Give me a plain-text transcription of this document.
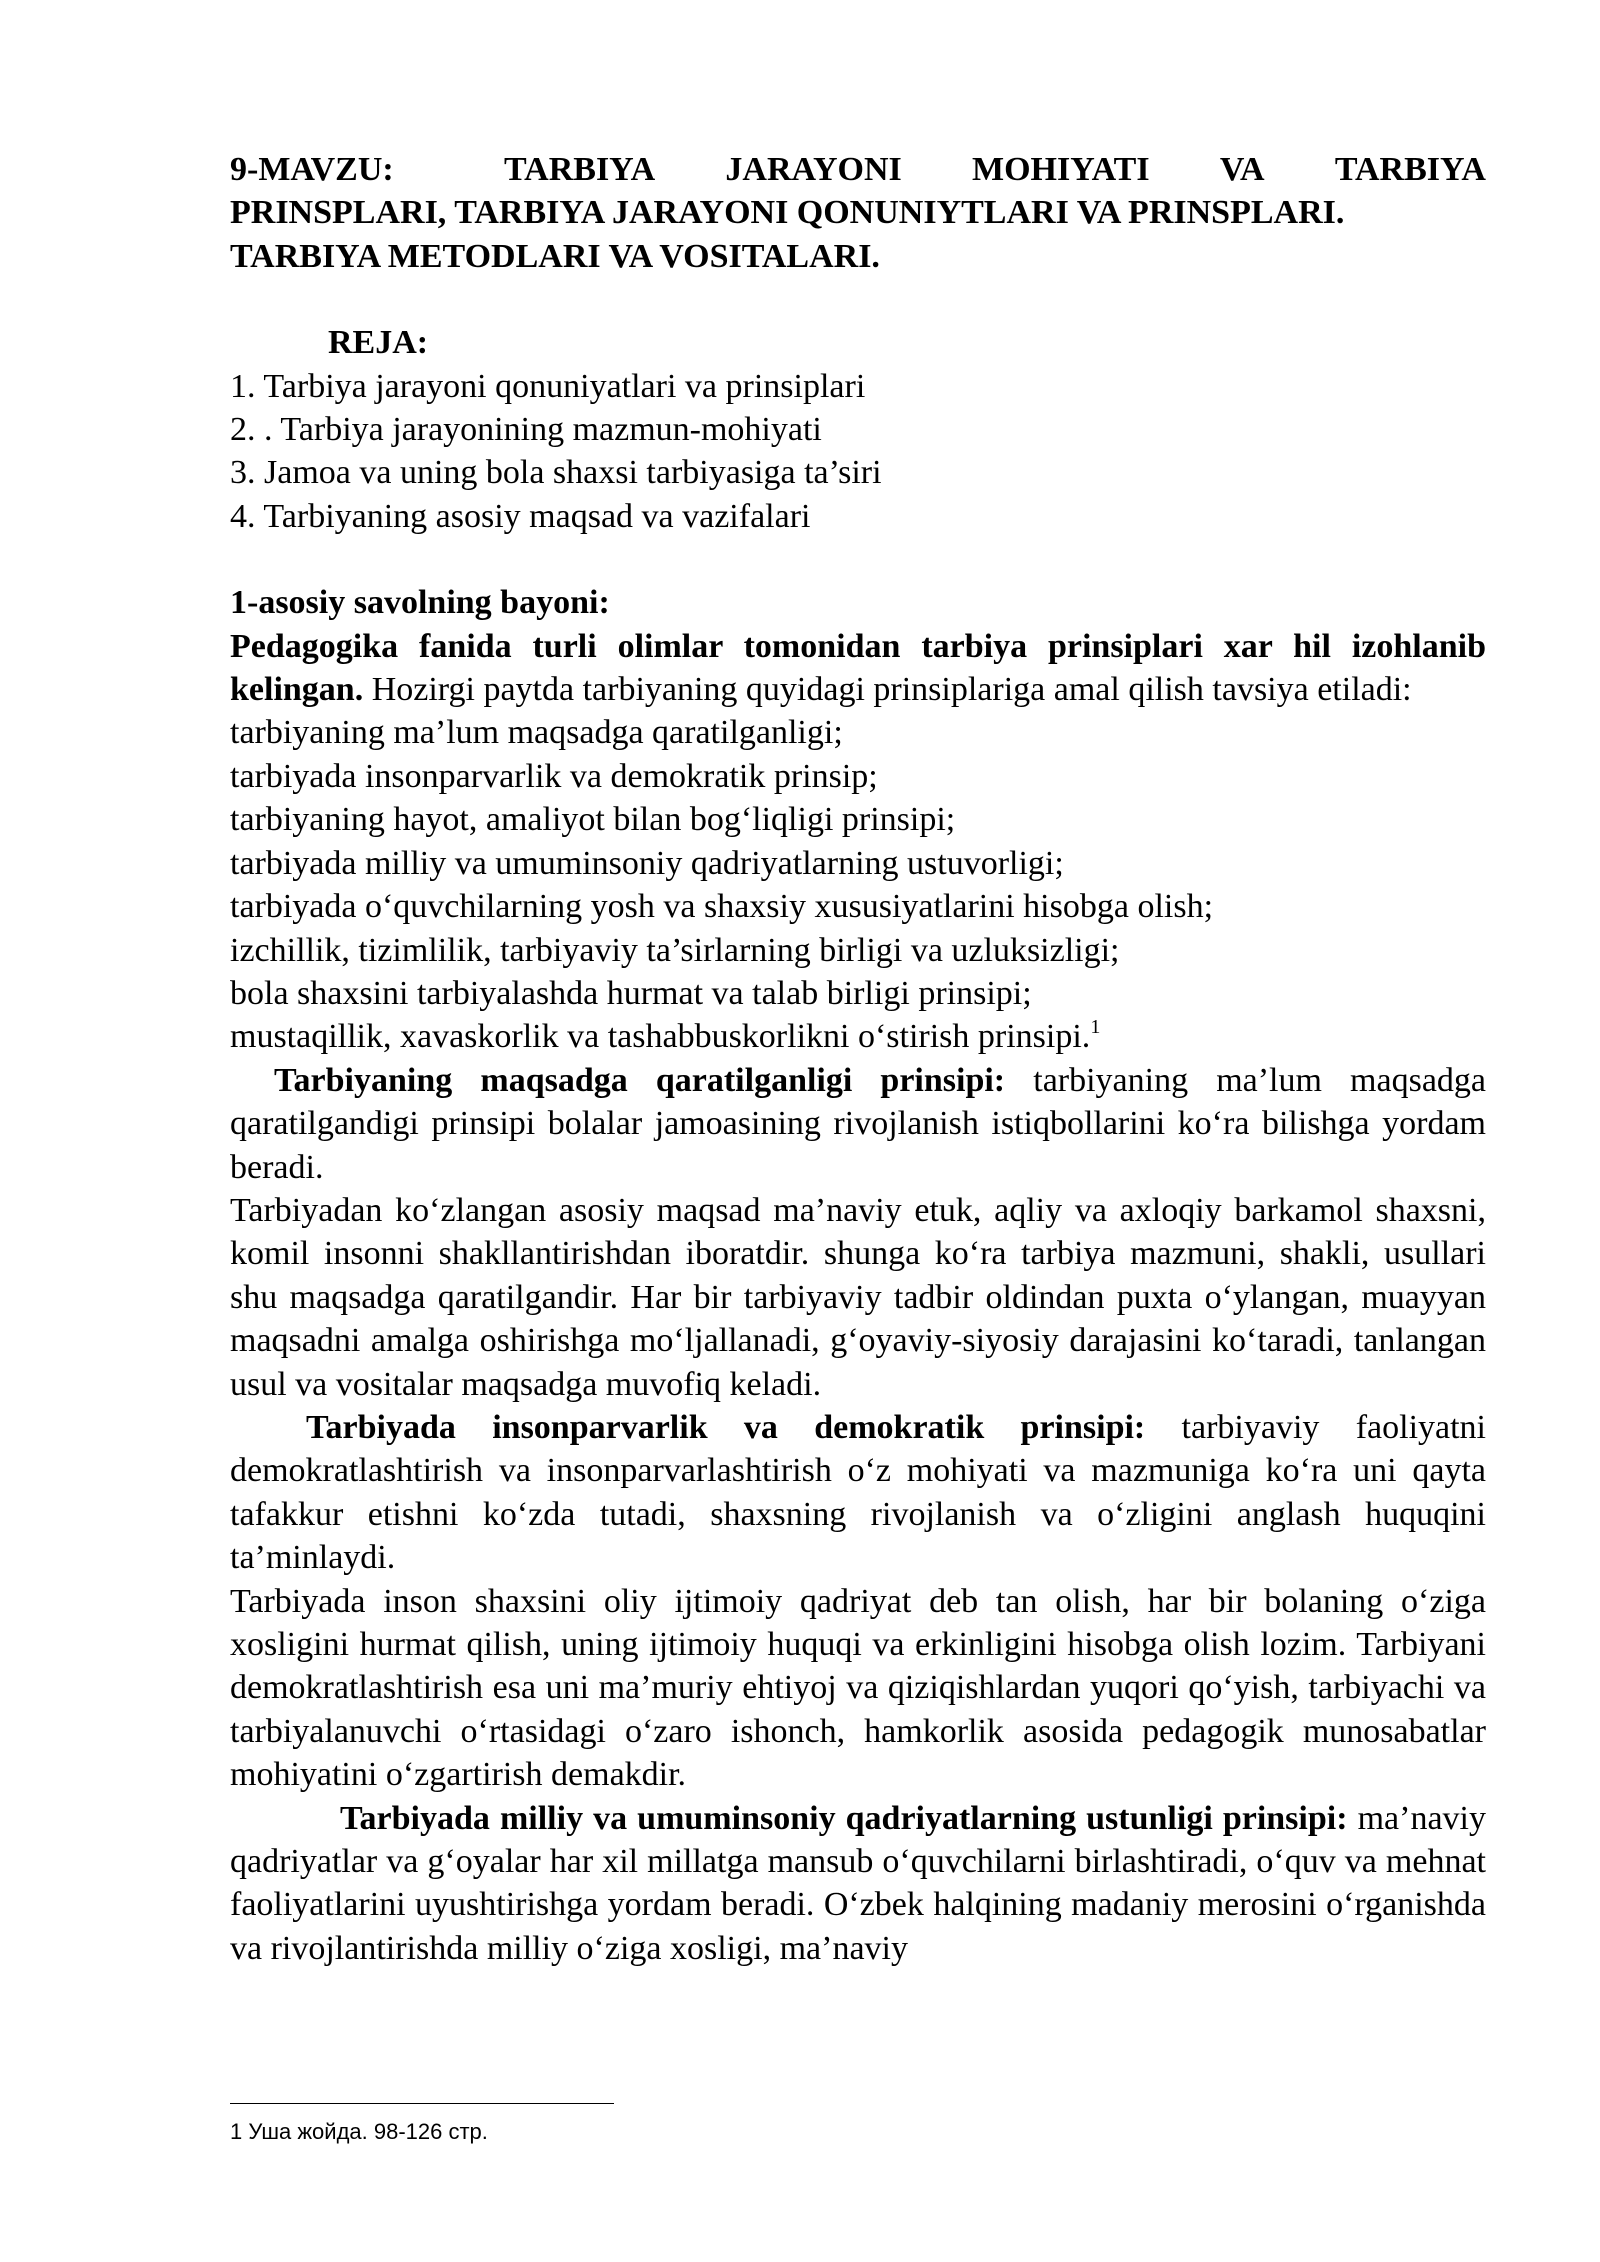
9-MAVZU:	TARBIYA JARAYONI MOHIYATI VA TARBIYA
PRINSPLARI, TARBIYA JARAYONI QONUNIYTLARI VA PRINSPLARI.
TARBIYA METODLARI VA VOSITALARI.
REJA:
1. Tarbiya jarayoni qonuniyatlari va prinsiplari
2. . Tarbiya jarayonining mazmun-mohiyati
3. Jamoa va uning bola shaxsi tarbiyasiga ta’siri
4. Tarbiyaning asosiy maqsad va vazifalari
1-asosiy savolning bayoni:

Pedagogika fanida turli olimlar tomonidan tarbiya prinsiplari xar hil izohlanib kelingan. Hozirgi paytda tarbiyaning quyidagi prinsiplariga amal qilish tavsiya etiladi:

tarbiyaning ma’lum maqsadga qaratilganligi;
tarbiyada insonparvarlik va demokratik prinsip;
tarbiyaning hayot, amaliyot bilan bog‘liqligi prinsipi;
tarbiyada milliy va umuminsoniy qadriyatlarning ustuvorligi;
tarbiyada o‘quvchilarning yosh va shaxsiy xususiyatlarini hisobga olish;
izchillik, tizimlilik, tarbiyaviy ta’sirlarning birligi va uzluksizligi;
bola shaxsini tarbiyalashda hurmat va talab birligi prinsipi;
mustaqillik, xavaskorlik va tashabbuskorlikni o‘stirish prinsipi.$^1$

Tarbiyaning maqsadga qaratilganligi prinsipi: tarbiyaning ma’lum maqsadga qaratilgandigi prinsipi bolalar jamoasining rivojlanish istiqbollarini ko‘ra bilishga yordam beradi.

Tarbiyadan ko‘zlangan asosiy maqsad ma’naviy etuk, aqliy va axloqiy barkamol shaxsni, komil insonni shakllantirishdan iboratdir. shunga ko‘ra tarbiya mazmuni, shakli, usullari shu maqsadga qaratilgandir. Har bir tarbiyaviy tadbir oldindan puxta o‘ylangan, muayyan maqsadni amalga oshirishga mo‘ljallanadi, g‘oyaviy-siyosiy darajasini ko‘taradi, tanlangan usul va vositalar maqsadga muvofiq keladi.

Tarbiyada insonparvarlik va demokratik prinsipi: tarbiyaviy faoliyatni demokratlashtirish va insonparvarlashtirish o‘z mohiyati va mazmuniga ko‘ra uni qayta tafakkur etishni ko‘zda tutadi, shaxsning rivojlanish va o‘zligini anglash huquqini ta’minlaydi.

Tarbiyada inson shaxsini oliy ijtimoiy qadriyat deb tan olish, har bir bolaning o‘ziga xosligini hurmat qilish, uning ijtimoiy huquqi va erkinligini hisobga olish lozim. Tarbiyani demokratlashtirish esa uni ma’muriy ehtiyoj va qiziqishlardan yuqori qo‘yish, tarbiyachi va tarbiyalanuvchi o‘rtasidagi o‘zaro ishonch, hamkorlik asosida pedagogik munosabatlar mohiyatini o‘zgartirish demakdir.

Tarbiyada milliy va umuminsoniy qadriyatlarning ustunligi prinsipi: ma’naviy qadriyatlar va g‘oyalar har xil millatga mansub o‘quvchilarni birlashtiradi, o‘quv va mehnat faoliyatlarini uyushtirishga yordam beradi. O‘zbek halqining madaniy merosini o‘rganishda va rivojlantirishda milliy o‘ziga xosligi, ma’naviy

1 Уша жойда. 98-126 стр.
